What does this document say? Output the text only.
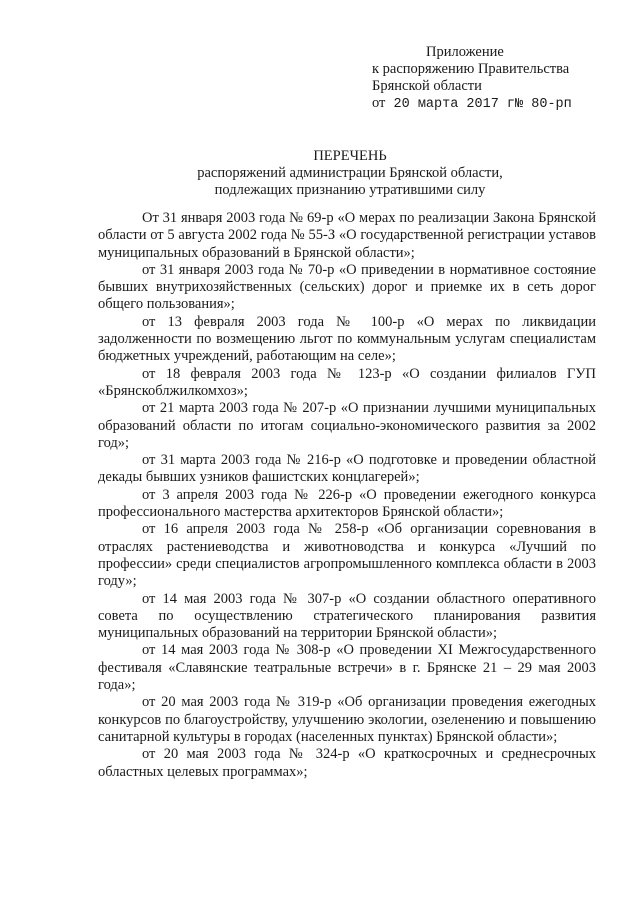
Приложение
к распоряжению Правительства
Брянской области
от 20 марта 2017 г№ 80-рп
ПЕРЕЧЕНЬ
распоряжений администрации Брянской области, подлежащих признанию утратившими силу

От 31 января 2003 года № 69-р «О мерах по реализации Закона Брянской области от 5 августа 2002 года № 55-З «О государственной регистрации уставов муниципальных образований в Брянской области»;

от 31 января 2003 года № 70-р «О приведении в нормативное состояние бывших внутрихозяйственных (сельских) дорог и приемке их в сеть дорог общего пользования»;

от 13 февраля 2003 года № 100-р «О мерах по ликвидации задолженности по возмещению льгот по коммунальным услугам специалистам бюджетных учреждений, работающим на селе»;

от 18 февраля 2003 года № 123-р «О создании филиалов ГУП «Брянскоблжилкомхоз»;

от 21 марта 2003 года № 207-р «О признании лучшими муниципальных образований области по итогам социально-экономического развития за 2002 год»;

от 31 марта 2003 года № 216-р «О подготовке и проведении областной декады бывших узников фашистских концлагерей»;

от 3 апреля 2003 года № 226-р «О проведении ежегодного конкурса профессионального мастерства архитекторов Брянской области»;

от 16 апреля 2003 года № 258-р «Об организации соревнования в отраслях растениеводства и животноводства и конкурса «Лучший по профессии» среди специалистов агропромышленного комплекса области в 2003 году»;

от 14 мая 2003 года № 307-р «О создании областного оперативного совета по осуществлению стратегического планирования развития муниципальных образований на территории Брянской области»;

от 14 мая 2003 года № 308-р «О проведении XI Межгосударственного фестиваля «Славянские театральные встречи» в г. Брянске 21 – 29 мая 2003 года»;

от 20 мая 2003 года № 319-р «Об организации проведения ежегодных конкурсов по благоустройству, улучшению экологии, озеленению и повышению санитарной культуры в городах (населенных пунктах) Брянской области»;

от 20 мая 2003 года № 324-р «О краткосрочных и среднесрочных областных целевых программах»;
